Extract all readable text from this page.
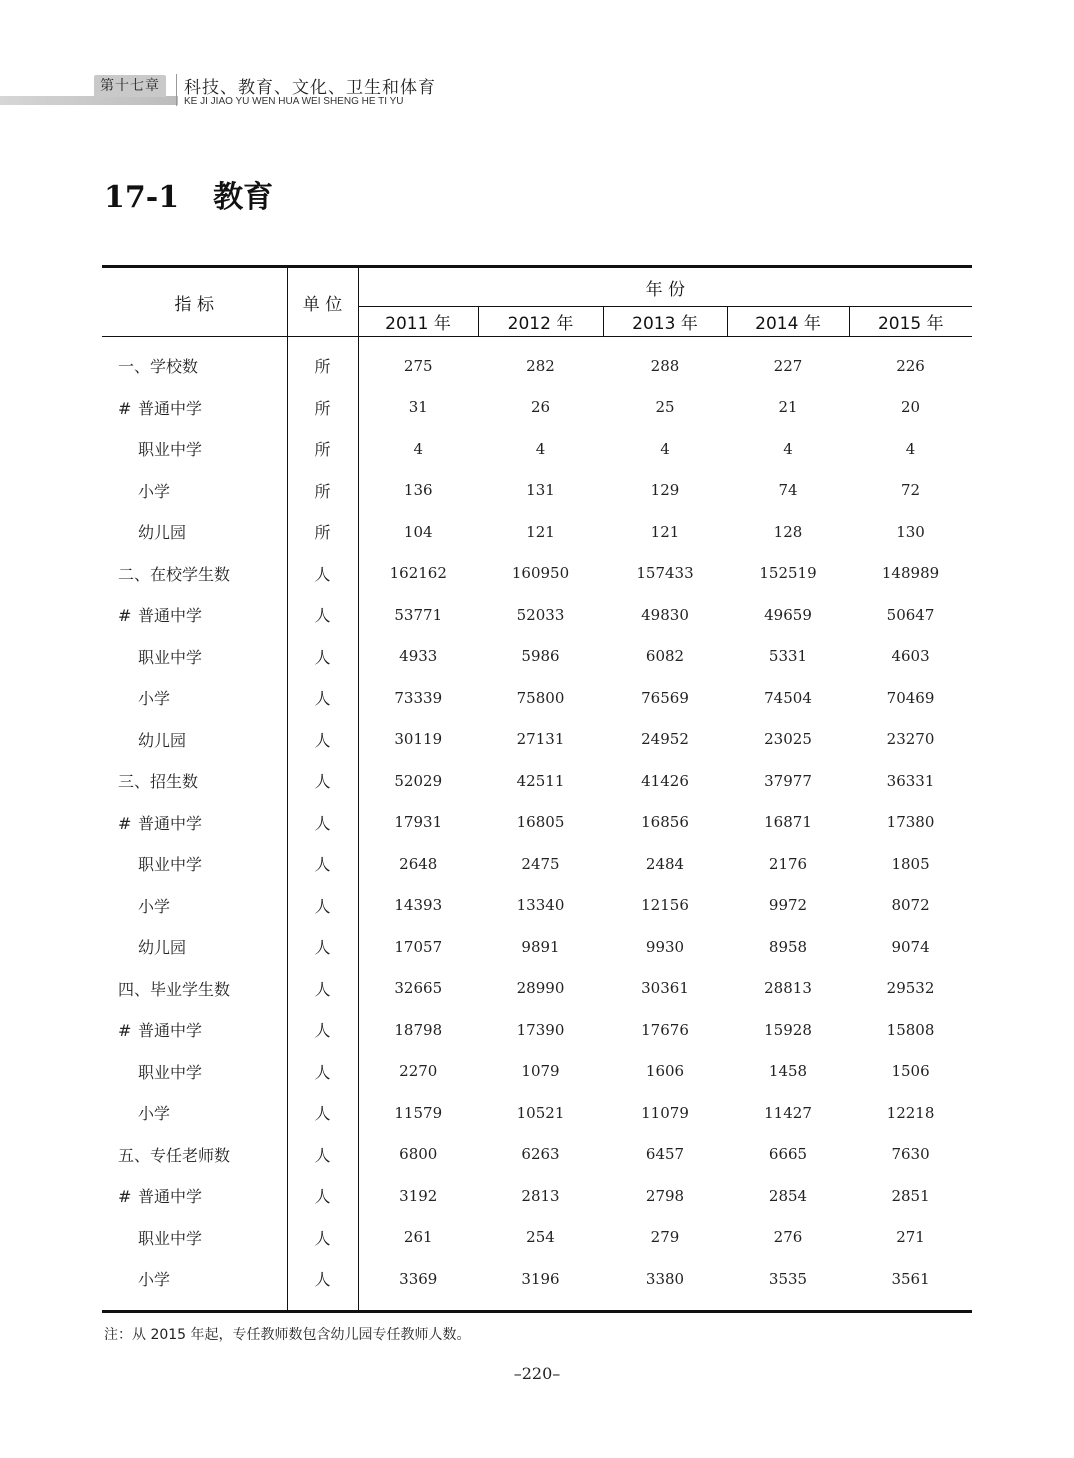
第十七章	科技、教育、文化、卫生和体育
KE JI JIAO YU WEN HUA WEI SHENG HE TI YU
17-1 教育
指 标	单 位	年 份				
		2011 年	2012 年	2013 年	2014 年	2015 年
一、学校数	所	275	282	288	227	226
# 普通中学	所	31	26	25	21	20
职业中学	所	4	4	4	4	4
小学	所	136	131	129	74	72
幼儿园	所	104	121	121	128	130
二、在校学生数	人	162162	160950	157433	152519	148989
# 普通中学	人	53771	52033	49830	49659	50647
职业中学	人	4933	5986	6082	5331	4603
小学	人	73339	75800	76569	74504	70469
幼儿园	人	30119	27131	24952	23025	23270
三、招生数	人	52029	42511	41426	37977	36331
# 普通中学	人	17931	16805	16856	16871	17380
职业中学	人	2648	2475	2484	2176	1805
小学	人	14393	13340	12156	9972	8072
幼儿园	人	17057	9891	9930	8958	9074
四、毕业学生数	人	32665	28990	30361	28813	29532
# 普通中学	人	18798	17390	17676	15928	15808
职业中学	人	2270	1079	1606	1458	1506
小学	人	11579	10521	11079	11427	12218
五、专任老师数	人	6800	6263	6457	6665	7630
# 普通中学	人	3192	2813	2798	2854	2851
职业中学	人	261	254	279	276	271
小学	人	3369	3196	3380	3535	3561

注：从 2015 年起，专任教师数包含幼儿园专任教师人数。
–220–
